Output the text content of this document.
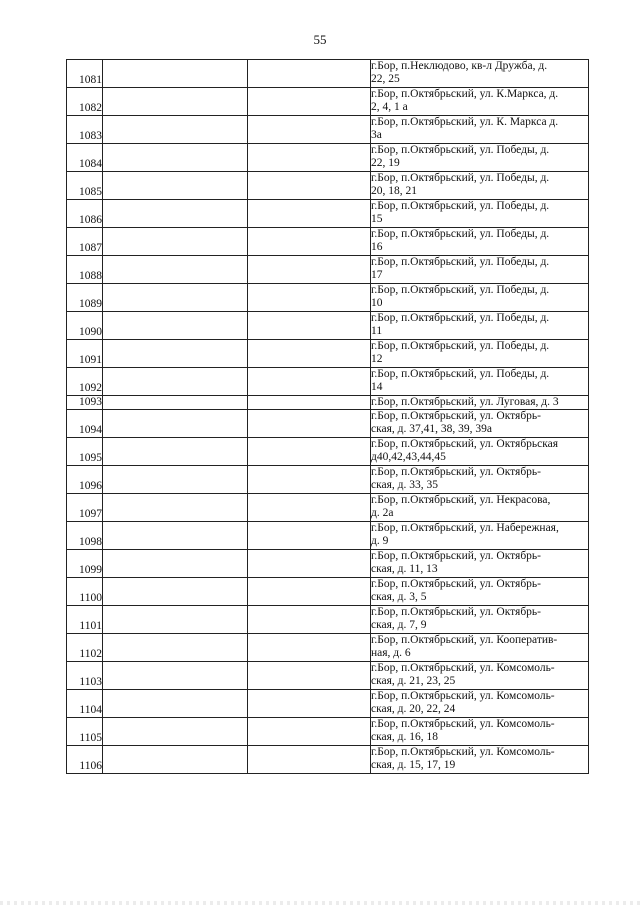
55
1081			г.Бор, п.Неклюдово, кв-л Дружба, д.
22, 25
1082			г.Бор, п.Октябрьский, ул. К.Маркса, д.
2, 4, 1 а
1083			г.Бор, п.Октябрьский, ул. К. Маркса д.
3а
1084			г.Бор, п.Октябрьский, ул. Победы, д.
22, 19
1085			г.Бор, п.Октябрьский, ул. Победы, д.
20, 18, 21
1086			г.Бор, п.Октябрьский, ул. Победы, д.
15
1087			г.Бор, п.Октябрьский, ул. Победы, д.
16
1088			г.Бор, п.Октябрьский, ул. Победы, д.
17
1089			г.Бор, п.Октябрьский, ул. Победы, д.
10
1090			г.Бор, п.Октябрьский, ул. Победы, д.
11
1091			г.Бор, п.Октябрьский, ул. Победы, д.
12
1092			г.Бор, п.Октябрьский, ул. Победы, д.
14
1093			г.Бор, п.Октябрьский, ул. Луговая, д. 3
1094			г.Бор, п.Октябрьский, ул. Октябрь-
ская, д. 37,41, 38, 39, 39а
1095			г.Бор, п.Октябрьский, ул. Октябрьская
д40,42,43,44,45
1096			г.Бор, п.Октябрьский, ул. Октябрь-
ская, д. 33, 35
1097			г.Бор, п.Октябрьский, ул. Некрасова,
д. 2а
1098			г.Бор, п.Октябрьский, ул. Набережная,
д. 9
1099			г.Бор, п.Октябрьский, ул. Октябрь-
ская, д. 11, 13
1100			г.Бор, п.Октябрьский, ул. Октябрь-
ская, д. 3, 5
1101			г.Бор, п.Октябрьский, ул. Октябрь-
ская, д. 7, 9
1102			г.Бор, п.Октябрьский, ул. Кооператив-
ная, д. 6
1103			г.Бор, п.Октябрьский, ул. Комсомоль-
ская, д. 21, 23, 25
1104			г.Бор, п.Октябрьский, ул. Комсомоль-
ская, д. 20, 22, 24
1105			г.Бор, п.Октябрьский, ул. Комсомоль-
ская, д. 16, 18
1106			г.Бор, п.Октябрьский, ул. Комсомоль-
ская, д. 15, 17, 19
